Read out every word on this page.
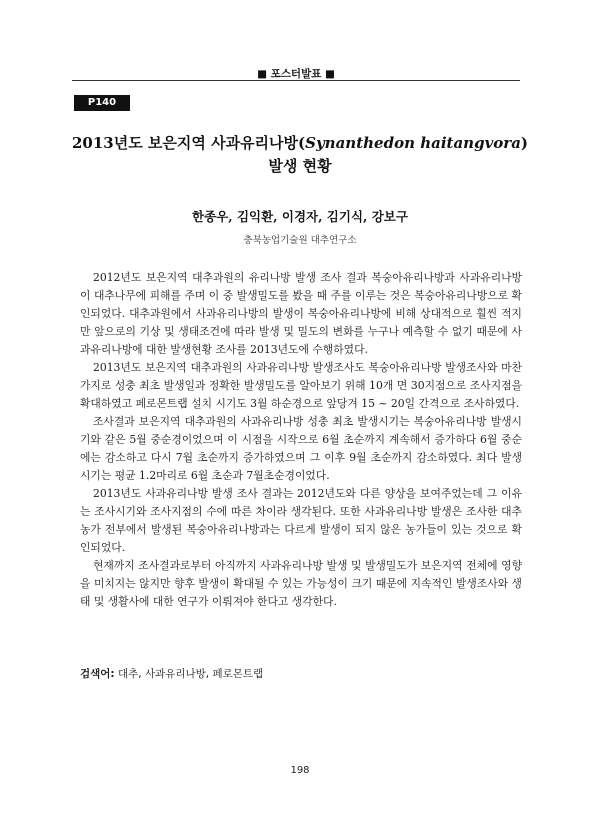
■ 포스터발표 ■
P140
2013년도 보은지역 사과유리나방(Synanthedon haitangvora)
발생 현황
한종우, 김익환, 이경자, 김기식, 강보구
충북농업기술원 대추연구소

2012년도 보은지역 대추과원의 유리나방 발생 조사 결과 복숭아유리나방과 사과유리나방이 대추나무에 피해를 주며 이 중 발생밀도를 봤을 때 주를 이루는 것은 복숭아유리나방으로 확인되었다. 대추과원에서 사과유리나방의 발생이 복숭아유리나방에 비해 상대적으로 훨씬 적지만 앞으로의 기상 및 생태조건에 따라 발생 및 밀도의 변화를 누구나 예측할 수 없기 때문에 사과유리나방에 대한 발생현황 조사를 2013년도에 수행하였다.

2013년도 보은지역 대추과원의 사과유리나방 발생조사도 복숭아유리나방 발생조사와 마찬가지로 성충 최초 발생일과 정확한 발생밀도를 알아보기 위해 10개 면 30지점으로 조사지점을 확대하였고 페로몬트랩 설치 시기도 3월 하순경으로 앞당겨 15 ~ 20일 간격으로 조사하였다.

조사결과 보은지역 대추과원의 사과유리나방 성충 최초 발생시기는 복숭아유리나방 발생시기와 같은 5월 중순경이었으며 이 시점을 시작으로 6월 초순까지 계속해서 증가하다 6월 중순에는 감소하고 다시 7월 초순까지 증가하였으며 그 이후 9월 초순까지 감소하였다. 최다 발생시기는 평균 1.2마리로 6월 초순과 7월초순경이었다.

2013년도 사과유리나방 발생 조사 결과는 2012년도와 다른 양상을 보여주었는데 그 이유는 조사시기와 조사지점의 수에 따른 차이라 생각된다. 또한 사과유리나방 발생은 조사한 대추농가 전부에서 발생된 복숭아유리나방과는 다르게 발생이 되지 않은 농가들이 있는 것으로 확인되었다.

현재까지 조사결과로부터 아직까지 사과유리나방 발생 및 발생밀도가 보은지역 전체에 영향을 미치지는 않지만 향후 발생이 확대될 수 있는 가능성이 크기 때문에 지속적인 발생조사와 생태 및 생활사에 대한 연구가 이뤄져야 한다고 생각한다.

검색어: 대추, 사과유리나방, 페로몬트랩
198
